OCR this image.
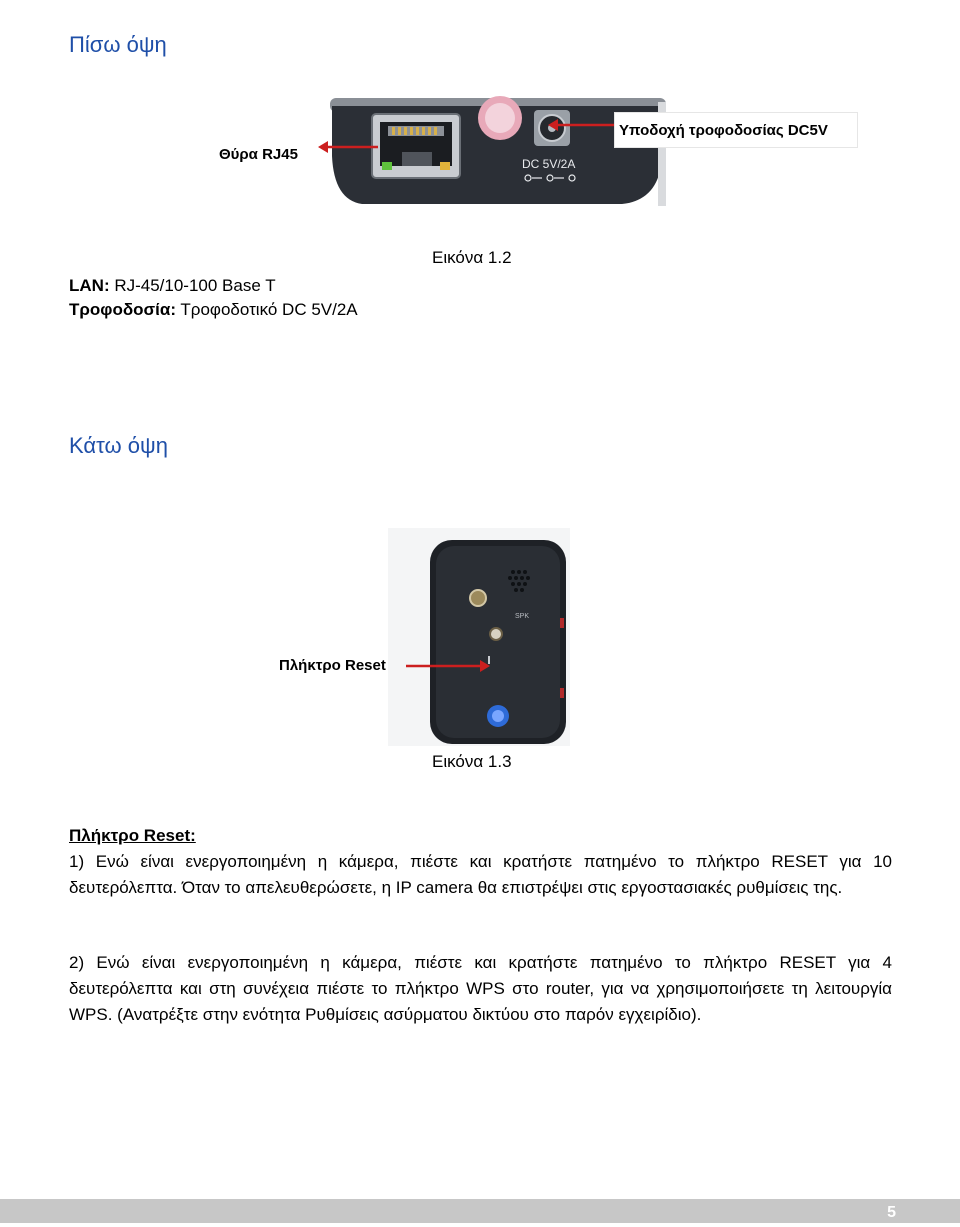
Πίσω όψη
DC 5V/2A
Θύρα RJ45
Υποδοχή τροφοδοσίας DC5V
Εικόνα 1.2
LAN: RJ-45/10-100 Base T
Τροφοδοσία: Τροφοδοτικό DC 5V/2A
Κάτω όψη
SPK
Πλήκτρο Reset
Εικόνα 1.3
Πλήκτρο Reset:

1) Ενώ είναι ενεργοποιημένη η κάμερα, πιέστε και κρατήστε πατημένο το πλήκτρο RESET για 10 δευτερόλεπτα. Όταν το απελευθερώσετε, η IP camera θα επιστρέψει στις εργοστασιακές ρυθμίσεις της.

2) Ενώ είναι ενεργοποιημένη η κάμερα, πιέστε και κρατήστε πατημένο το πλήκτρο RESET για 4 δευτερόλεπτα και στη συνέχεια πιέστε το πλήκτρο WPS στο router, για να χρησιμοποιήσετε τη λειτουργία WPS. (Ανατρέξτε στην ενότητα Ρυθμίσεις ασύρματου δικτύου στο παρόν εγχειρίδιο).

5
